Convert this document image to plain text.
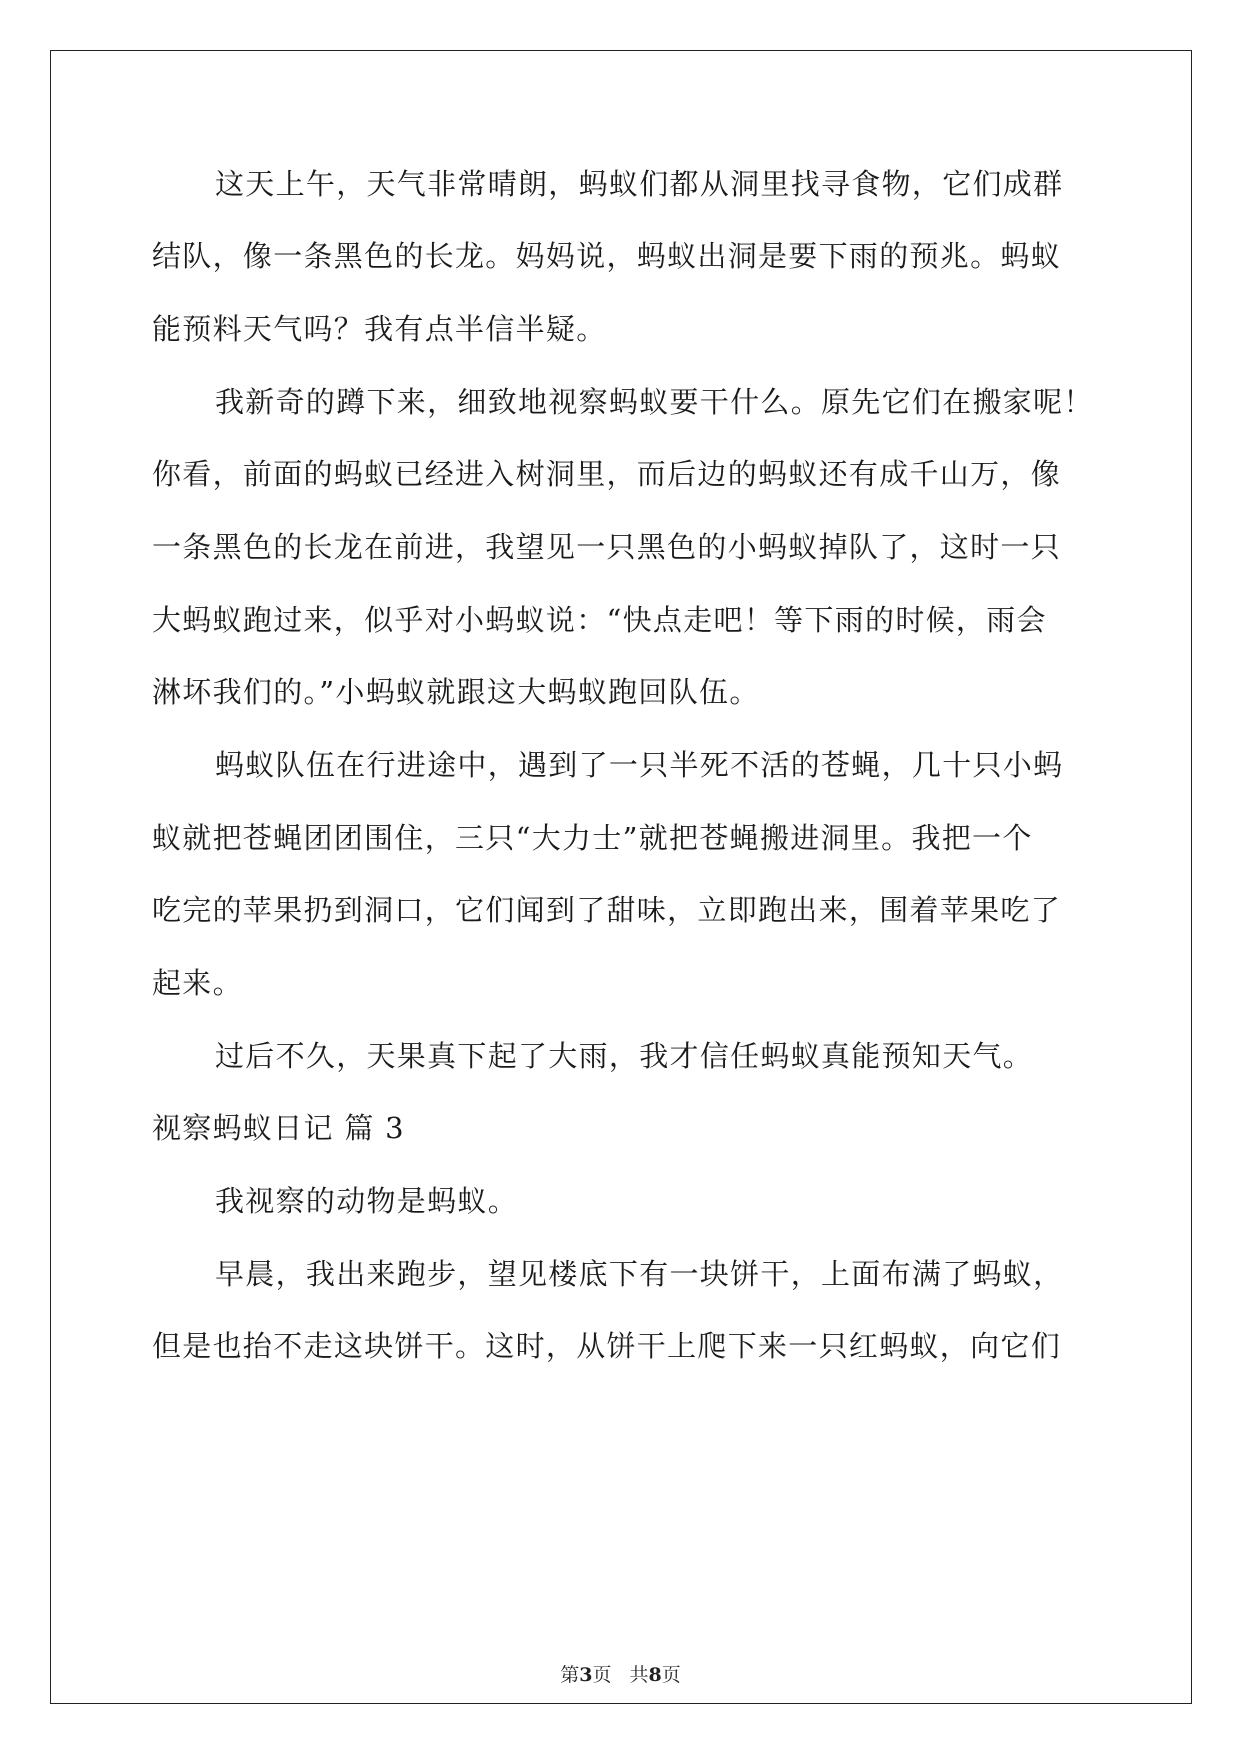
这天上午，天气非常晴朗，蚂蚁们都从洞里找寻食物，它们成群
结队，像一条黑色的长龙。妈妈说，蚂蚁出洞是要下雨的预兆。蚂蚁
能预料天气吗？我有点半信半疑。
我新奇的蹲下来，细致地视察蚂蚁要干什么。原先它们在搬家呢！
你看，前面的蚂蚁已经进入树洞里，而后边的蚂蚁还有成千山万，像
一条黑色的长龙在前进，我望见一只黑色的小蚂蚁掉队了，这时一只
大蚂蚁跑过来，似乎对小蚂蚁说：“快点走吧！等下雨的时候，雨会
淋坏我们的。”小蚂蚁就跟这大蚂蚁跑回队伍。
蚂蚁队伍在行进途中，遇到了一只半死不活的苍蝇，几十只小蚂
蚁就把苍蝇团团围住，三只“大力士”就把苍蝇搬进洞里。我把一个
吃完的苹果扔到洞口，它们闻到了甜味，立即跑出来，围着苹果吃了
起来。
过后不久，天果真下起了大雨，我才信任蚂蚁真能预知天气。
视察蚂蚁日记 篇 3
我视察的动物是蚂蚁。
早晨，我出来跑步，望见楼底下有一块饼干，上面布满了蚂蚁，
但是也抬不走这块饼干。这时，从饼干上爬下来一只红蚂蚁，向它们
第3页 共8页
